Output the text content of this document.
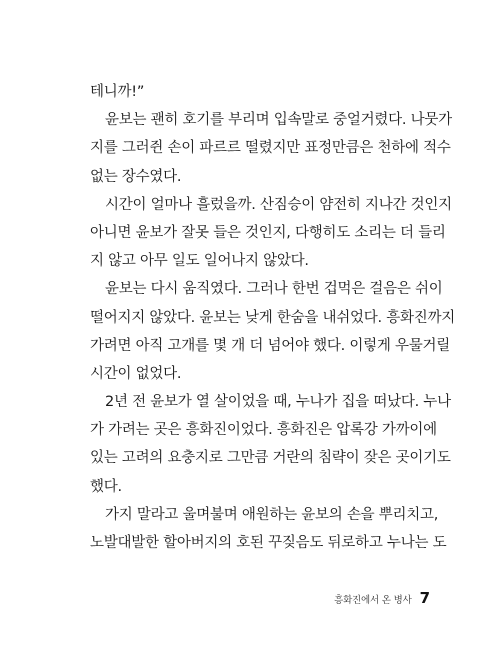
테니까!”
윤보는 괜히 호기를 부리며 입속말로 중얼거렸다. 나뭇가
지를 그러쥔 손이 파르르 떨렸지만 표정만큼은 천하에 적수
없는 장수였다.
시간이 얼마나 흘렀을까. 산짐승이 얌전히 지나간 것인지
아니면 윤보가 잘못 들은 것인지, 다행히도 소리는 더 들리
지 않고 아무 일도 일어나지 않았다.
윤보는 다시 움직였다. 그러나 한번 겁먹은 걸음은 쉬이
떨어지지 않았다. 윤보는 낮게 한숨을 내쉬었다. 흥화진까지
가려면 아직 고개를 몇 개 더 넘어야 했다. 이렇게 우물거릴
시간이 없었다.
2년 전 윤보가 열 살이었을 때, 누나가 집을 떠났다. 누나
가 가려는 곳은 흥화진이었다. 흥화진은 압록강 가까이에
있는 고려의 요충지로 그만큼 거란의 침략이 잦은 곳이기도
했다.
가지 말라고 울며불며 애원하는 윤보의 손을 뿌리치고,
노발대발한 할아버지의 호된 꾸짖음도 뒤로하고 누나는 도
흥화진에서 온 병사 7
